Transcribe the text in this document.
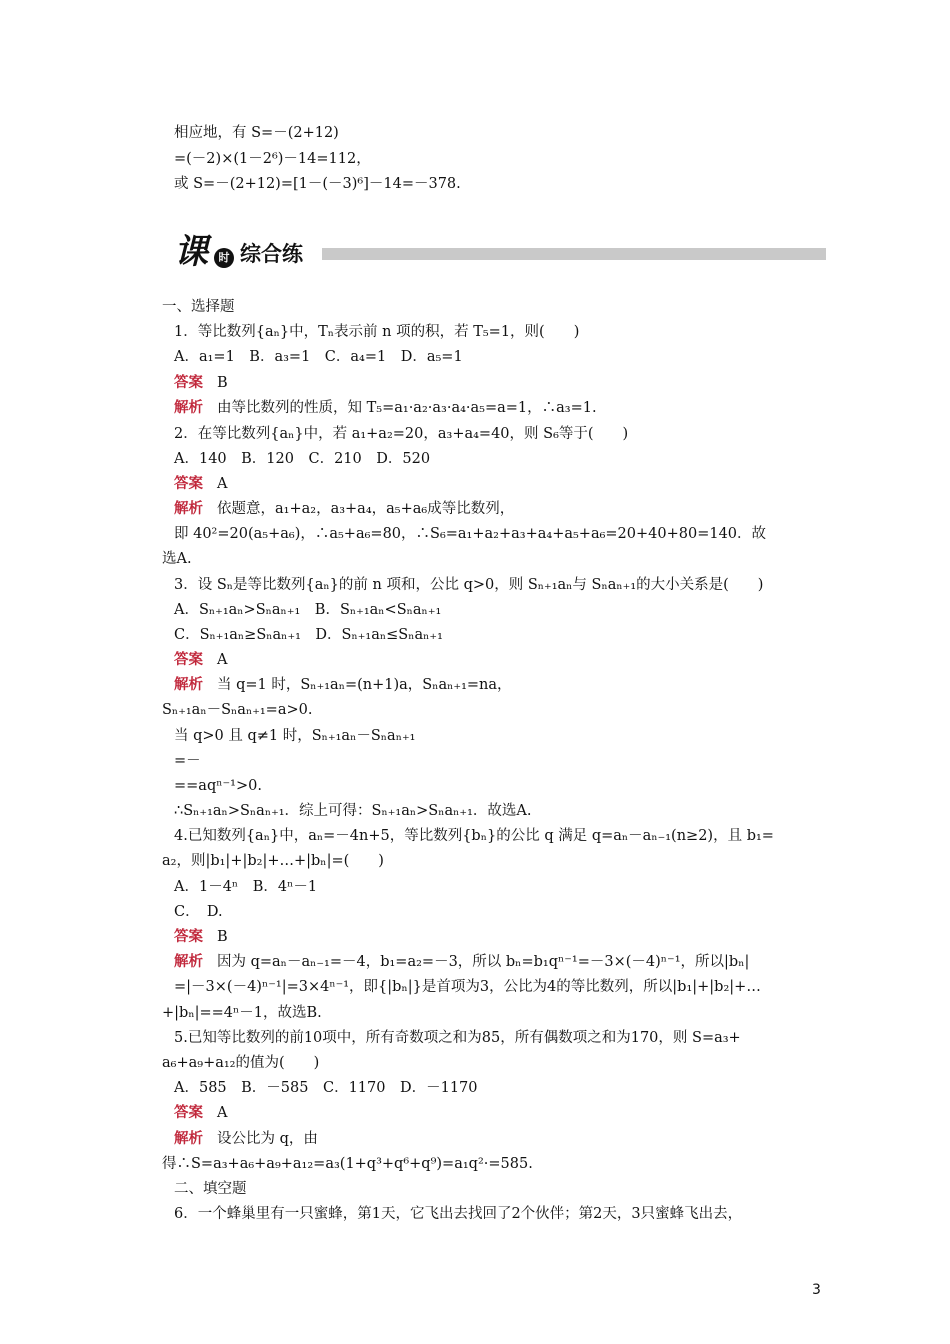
相应地，有 S=－(2+12)
=(－2)×(1－2⁶)－14=112，
或 S=－(2+12)=[1－(－3)⁶]－14=－378.
课 时 综合练
一、选择题
1．等比数列{aₙ}中，Tₙ表示前 n 项的积，若 T₅=1，则(　　)
A．a₁=1　B．a₃=1　C．a₄=1　D．a₅=1
答案 B
解析 由等比数列的性质，知 T₅=a₁·a₂·a₃·a₄·a₅=a=1，∴a₃=1.
2．在等比数列{aₙ}中，若 a₁+a₂=20，a₃+a₄=40，则 S₆等于(　　)
A．140　B．120　C．210　D．520
答案 A
解析 依题意，a₁+a₂，a₃+a₄，a₅+a₆成等比数列，
即 40²=20(a₅+a₆)，∴a₅+a₆=80，∴S₆=a₁+a₂+a₃+a₄+a₅+a₆=20+40+80=140．故
选A.
3．设 Sₙ是等比数列{aₙ}的前 n 项和，公比 q>0，则 Sₙ₊₁aₙ与 Sₙaₙ₊₁的大小关系是(　　)
A．Sₙ₊₁aₙ>Sₙaₙ₊₁　B．Sₙ₊₁aₙ<Sₙaₙ₊₁
C．Sₙ₊₁aₙ≥Sₙaₙ₊₁　D．Sₙ₊₁aₙ≤Sₙaₙ₊₁
答案 A
解析 当 q=1 时，Sₙ₊₁aₙ=(n+1)a，Sₙaₙ₊₁=na，
Sₙ₊₁aₙ－Sₙaₙ₊₁=a>0.
当 q>0 且 q≠1 时，Sₙ₊₁aₙ－Sₙaₙ₊₁
=－
==aqⁿ⁻¹>0.
∴Sₙ₊₁aₙ>Sₙaₙ₊₁．综上可得：Sₙ₊₁aₙ>Sₙaₙ₊₁．故选A.
4.已知数列{aₙ}中，aₙ=－4n+5，等比数列{bₙ}的公比 q 满足 q=aₙ－aₙ₋₁(n≥2)，且 b₁=
a₂，则|b₁|+|b₂|+…+|bₙ|=(　　)
A．1－4ⁿ　B．4ⁿ－1
C．　D.
答案 B
解析 因为 q=aₙ－aₙ₋₁=－4，b₁=a₂=－3，所以 bₙ=b₁qⁿ⁻¹=－3×(－4)ⁿ⁻¹，所以|bₙ|
=|－3×(－4)ⁿ⁻¹|=3×4ⁿ⁻¹，即{|bₙ|}是首项为3，公比为4的等比数列，所以|b₁|+|b₂|+…
+|bₙ|==4ⁿ－1，故选B.
5.已知等比数列的前10项中，所有奇数项之和为85，所有偶数项之和为170，则 S=a₃+
a₆+a₉+a₁₂的值为(　　)
A．585　B．－585　C．1170　D．－1170
答案 A
解析 设公比为 q，由
得∴S=a₃+a₆+a₉+a₁₂=a₃(1+q³+q⁶+q⁹)=a₁q²·=585.
二、填空题
6．一个蜂巢里有一只蜜蜂，第1天，它飞出去找回了2个伙伴；第2天，3只蜜蜂飞出去，
3
